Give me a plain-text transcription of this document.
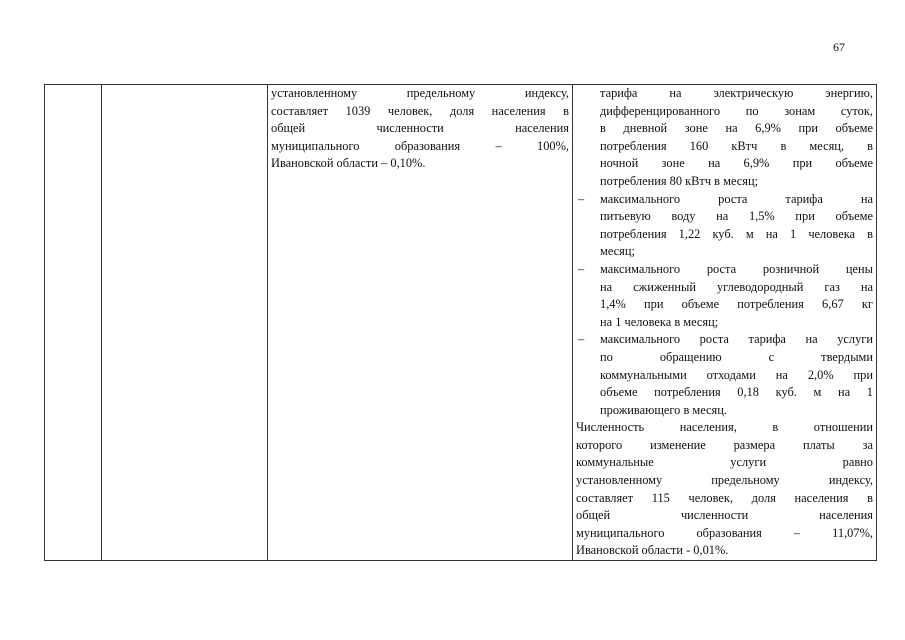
67

установленному предельному индексу,
составляет 1039 человек, доля населения в
общей численности населения
муниципального образования – 100%,
Ивановской области – 0,10%.

тарифа на электрическую энергию,
дифференцированного по зонам суток,
в дневной зоне на 6,9% при объеме
потребления 160 кВтч в месяц, в
ночной зоне на 6,9% при объеме
потребления 80 кВтч в месяц;
– максимального роста тарифа на
питьевую воду на 1,5% при объеме
потребления 1,22 куб. м на 1 человека в
месяц;
– максимального роста розничной цены
на сжиженный углеводородный газ на
1,4% при объеме потребления 6,67 кг
на 1 человека в месяц;
– максимального роста тарифа на услуги
по обращению с твердыми
коммунальными отходами на 2,0% при
объеме потребления 0,18 куб. м на 1
проживающего в месяц.
Численность населения, в отношении
которого изменение размера платы за
коммунальные услуги равно
установленному предельному индексу,
составляет 115 человек, доля населения в
общей численности населения
муниципального образования – 11,07%,
Ивановской области - 0,01%.
